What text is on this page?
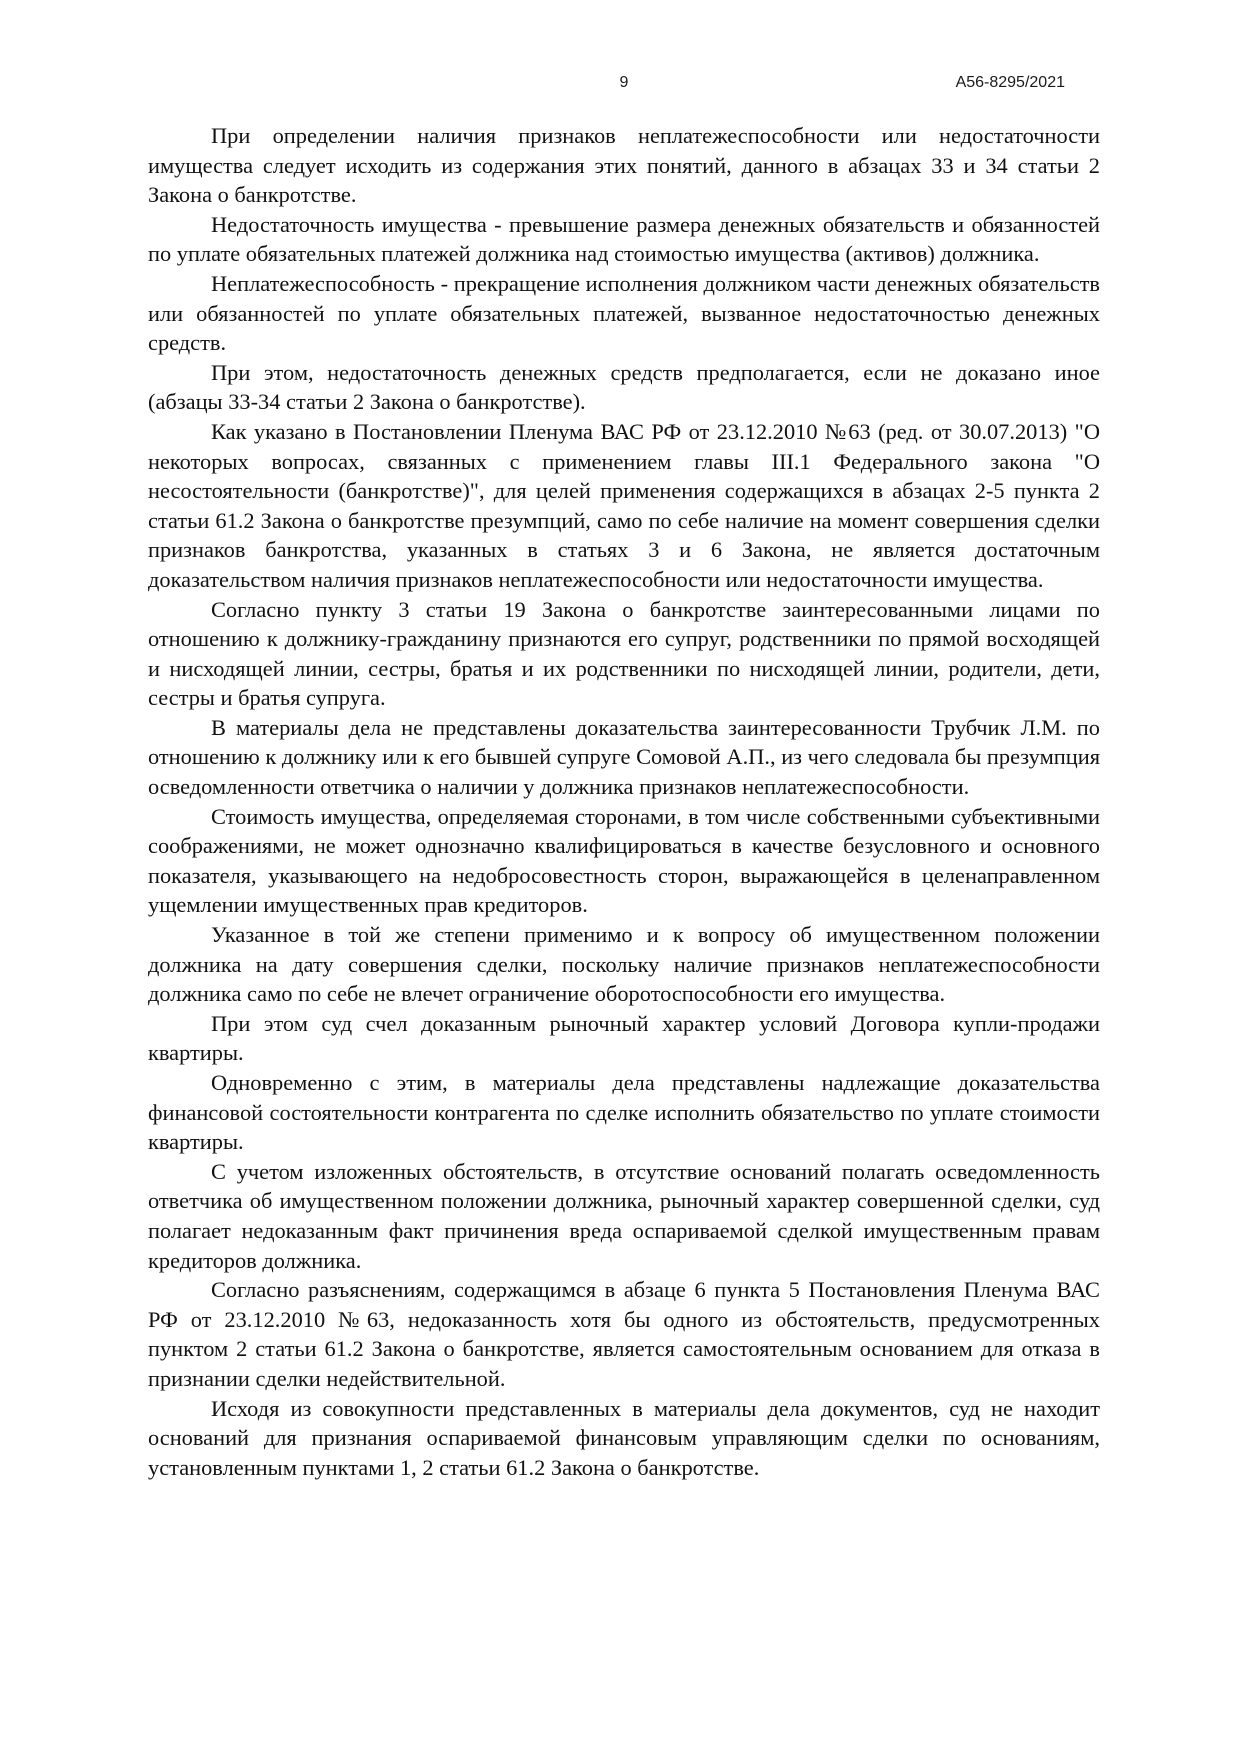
9	А56-8295/2021

При определении наличия признаков неплатежеспособности или недостаточности имущества следует исходить из содержания этих понятий, данного в абзацах 33 и 34 статьи 2 Закона о банкротстве.

Недостаточность имущества - превышение размера денежных обязательств и обязанностей по уплате обязательных платежей должника над стоимостью имущества (активов) должника.

Неплатежеспособность - прекращение исполнения должником части денежных обязательств или обязанностей по уплате обязательных платежей, вызванное недостаточностью денежных средств.

При этом, недостаточность денежных средств предполагается, если не доказано иное (абзацы 33-34 статьи 2 Закона о банкротстве).

Как указано в Постановлении Пленума ВАС РФ от 23.12.2010 №63 (ред. от 30.07.2013) "О некоторых вопросах, связанных с применением главы III.1 Федерального закона "О несостоятельности (банкротстве)", для целей применения содержащихся в абзацах 2-5 пункта 2 статьи 61.2 Закона о банкротстве презумпций, само по себе наличие на момент совершения сделки признаков банкротства, указанных в статьях 3 и 6 Закона, не является достаточным доказательством наличия признаков неплатежеспособности или недостаточности имущества.

Согласно пункту 3 статьи 19 Закона о банкротстве заинтересованными лицами по отношению к должнику-гражданину признаются его супруг, родственники по прямой восходящей и нисходящей линии, сестры, братья и их родственники по нисходящей линии, родители, дети, сестры и братья супруга.

В материалы дела не представлены доказательства заинтересованности Трубчик Л.М. по отношению к должнику или к его бывшей супруге Сомовой А.П., из чего следовала бы презумпция осведомленности ответчика о наличии у должника признаков неплатежеспособности.

Стоимость имущества, определяемая сторонами, в том числе собственными субъективными соображениями, не может однозначно квалифицироваться в качестве безусловного и основного показателя, указывающего на недобросовестность сторон, выражающейся в целенаправленном ущемлении имущественных прав кредиторов.

Указанное в той же степени применимо и к вопросу об имущественном положении должника на дату совершения сделки, поскольку наличие признаков неплатежеспособности должника само по себе не влечет ограничение оборотоспособности его имущества.

При этом суд счел доказанным рыночный характер условий Договора купли-продажи квартиры.

Одновременно с этим, в материалы дела представлены надлежащие доказательства финансовой состоятельности контрагента по сделке исполнить обязательство по уплате стоимости квартиры.

С учетом изложенных обстоятельств, в отсутствие оснований полагать осведомленность ответчика об имущественном положении должника, рыночный характер совершенной сделки, суд полагает недоказанным факт причинения вреда оспариваемой сделкой имущественным правам кредиторов должника.

Согласно разъяснениям, содержащимся в абзаце 6 пункта 5 Постановления Пленума ВАС РФ от 23.12.2010 №63, недоказанность хотя бы одного из обстоятельств, предусмотренных пунктом 2 статьи 61.2 Закона о банкротстве, является самостоятельным основанием для отказа в признании сделки недействительной.

Исходя из совокупности представленных в материалы дела документов, суд не находит оснований для признания оспариваемой финансовым управляющим сделки по основаниям, установленным пунктами 1, 2 статьи 61.2 Закона о банкротстве.
